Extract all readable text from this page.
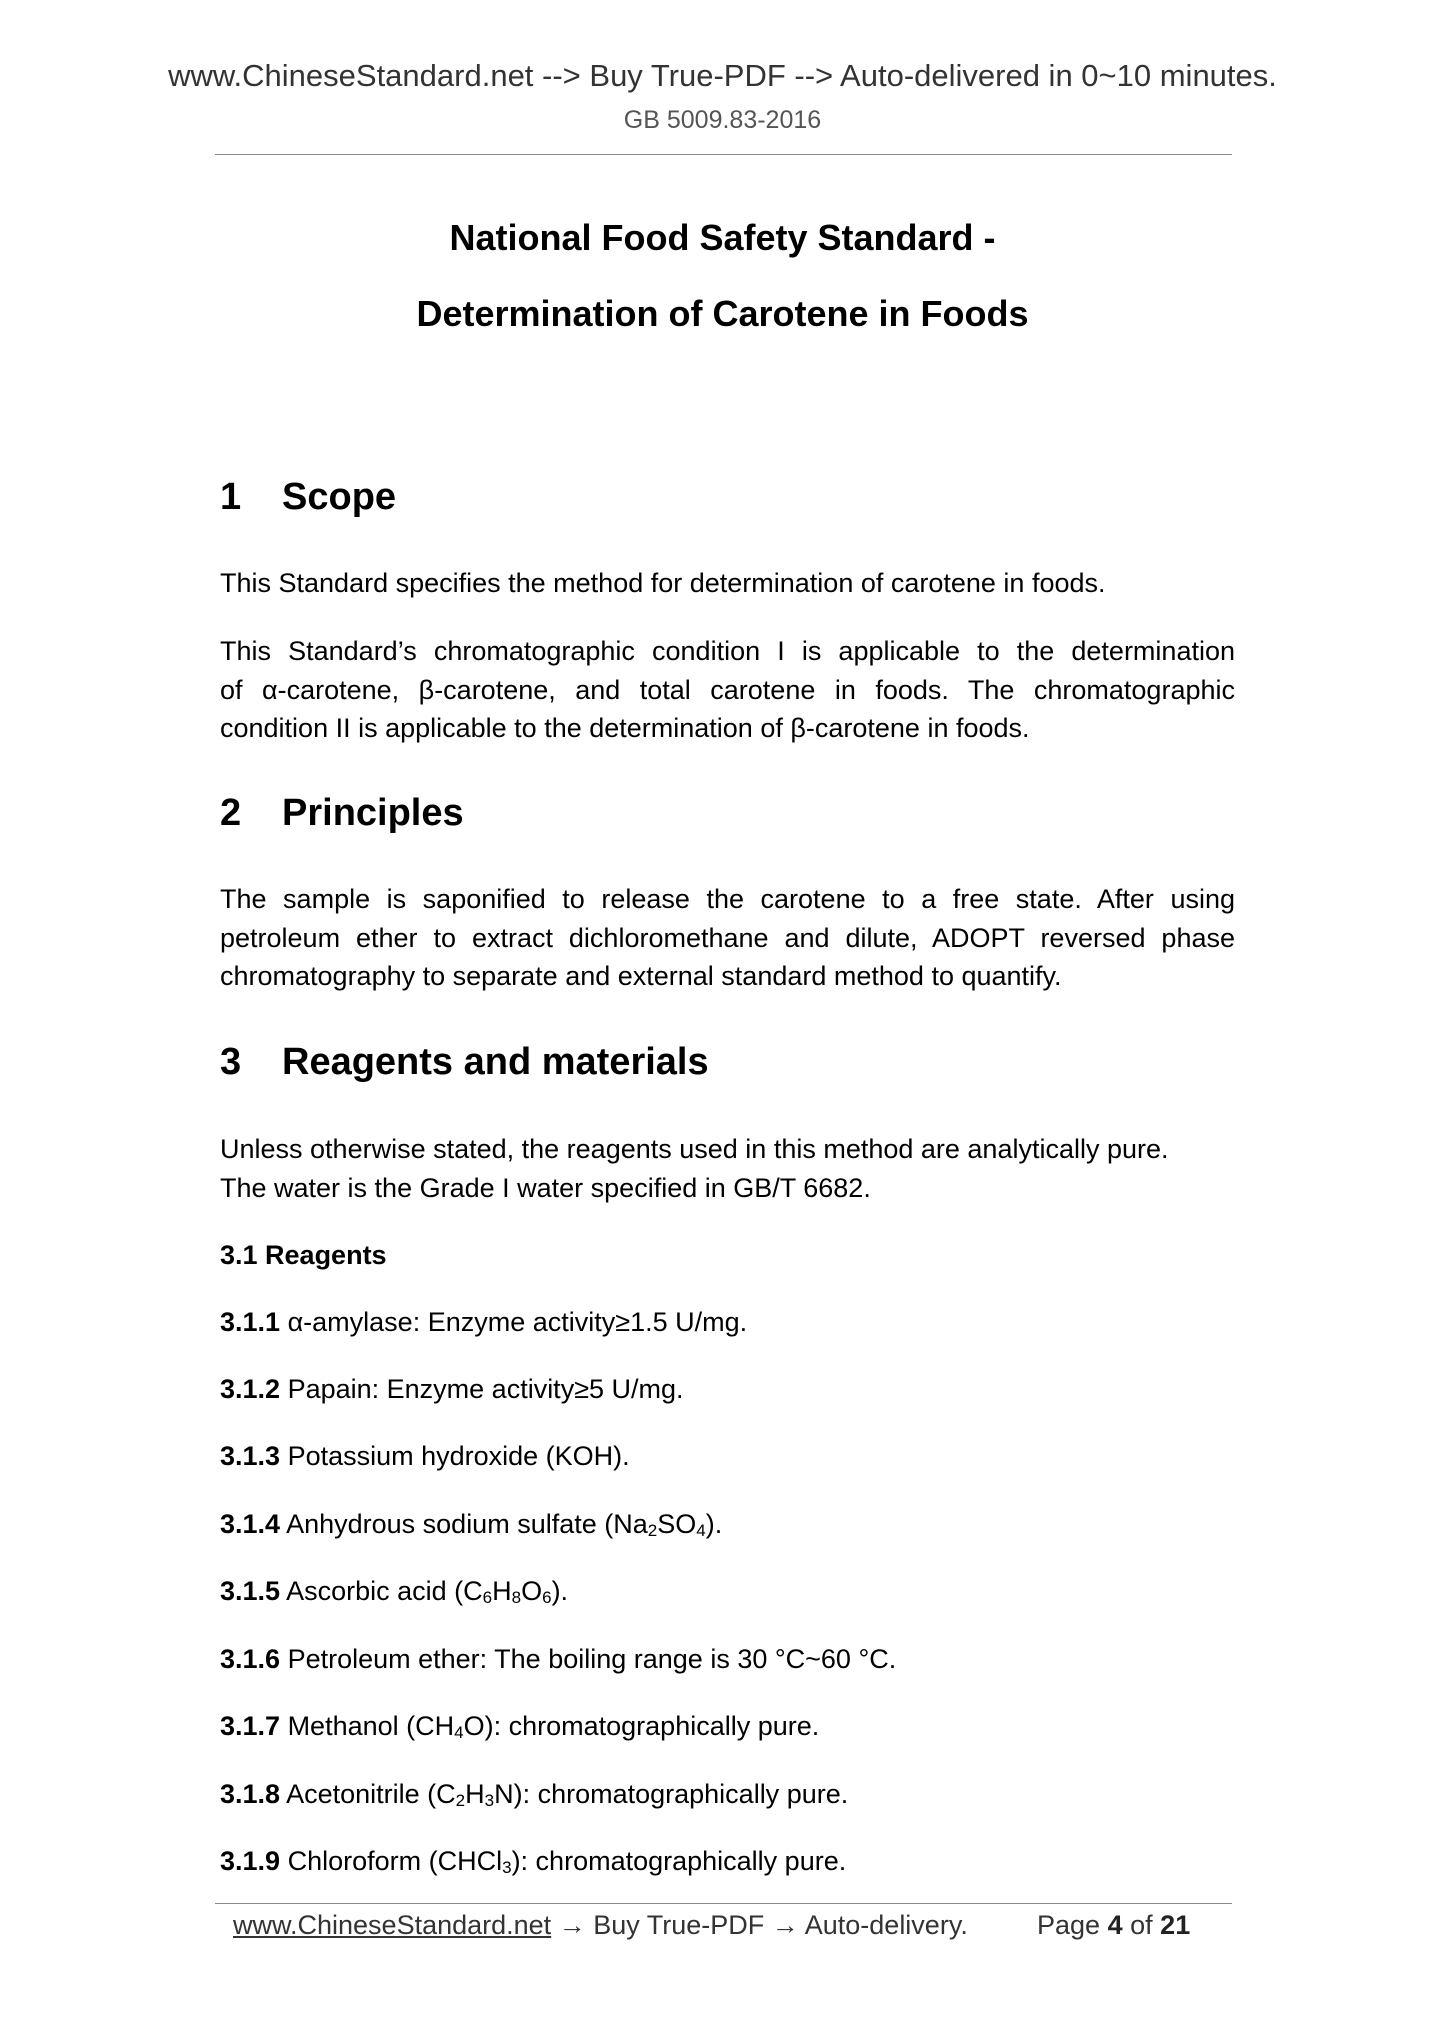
www.ChineseStandard.net --> Buy True-PDF --> Auto-delivered in 0~10 minutes.
GB 5009.83-2016
National Food Safety Standard -
Determination of Carotene in Foods
1 Scope
This Standard specifies the method for determination of carotene in foods.
This Standard’s chromatographic condition I is applicable to the determination
of α-carotene, β-carotene, and total carotene in foods. The chromatographic
condition II is applicable to the determination of β-carotene in foods.
2 Principles
The sample is saponified to release the carotene to a free state. After using
petroleum ether to extract dichloromethane and dilute, ADOPT reversed phase
chromatography to separate and external standard method to quantify.
3 Reagents and materials
Unless otherwise stated, the reagents used in this method are analytically pure.
The water is the Grade I water specified in GB/T 6682.
3.1 Reagents
3.1.1 α-amylase: Enzyme activity≥1.5 U/mg.
3.1.2 Papain: Enzyme activity≥5 U/mg.
3.1.3 Potassium hydroxide (KOH).
3.1.4 Anhydrous sodium sulfate $(Na_2SO_4)$.
3.1.5 Ascorbic acid $(C_6H_8O_6)$.
3.1.6 Petroleum ether: The boiling range is 30 °C~60 °C.
3.1.7 Methanol $(CH_4O)$: chromatographically pure.
3.1.8 Acetonitrile $(C_2H_3N)$: chromatographically pure.
3.1.9 Chloroform (CHCl$_3$): chromatographically pure.
www.ChineseStandard.net → Buy True-PDF → Auto-delivery.	Page 4 of 21
